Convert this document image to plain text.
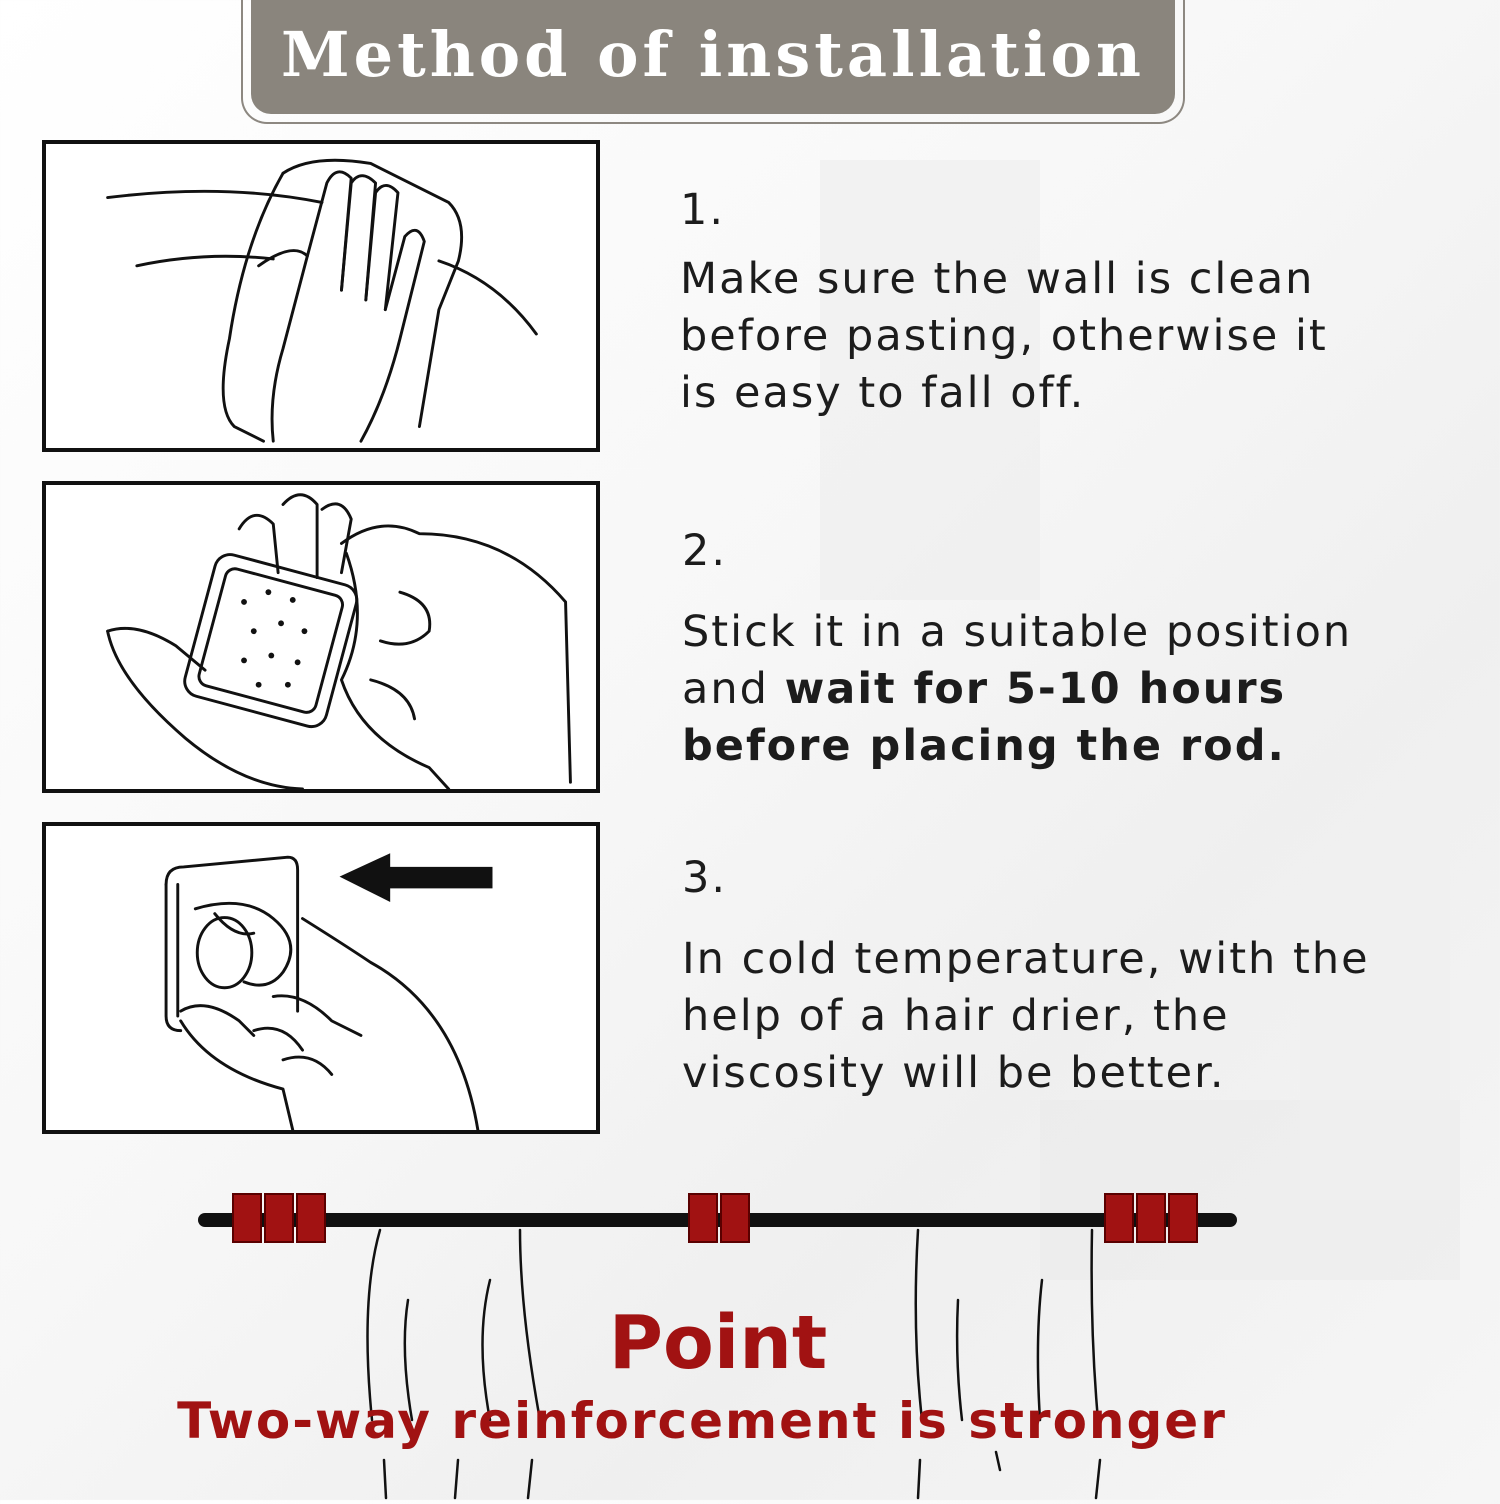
Method of installation
1.
Make sure the wall is clean
before pasting, otherwise it
is easy to fall off.
2.
Stick it in a suitable position
and wait for 5-10 hours
before placing the rod.
3.
In cold temperature, with the
help of a hair drier, the
viscosity will be better.
Point
Two-way reinforcement is stronger
